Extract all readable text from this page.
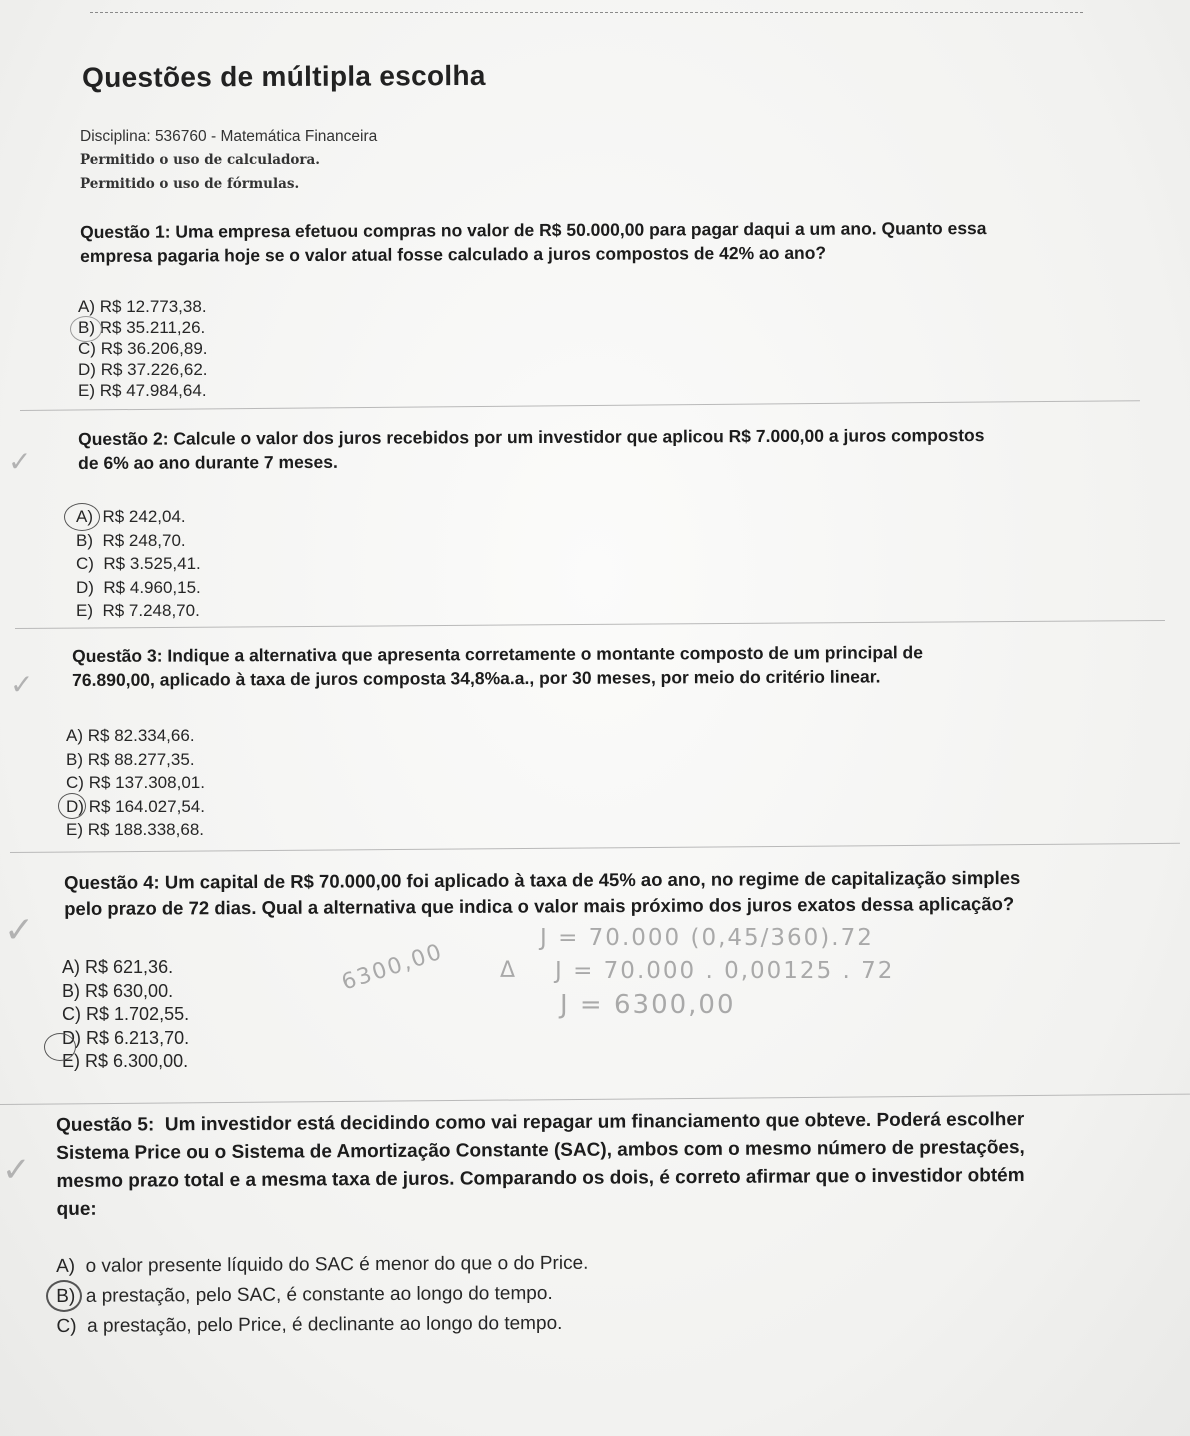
Questões de múltipla escolha
Disciplina: 536760 - Matemática Financeira
Permitido o uso de calculadora.
Permitido o uso de fórmulas.
Questão 1: Uma empresa efetuou compras no valor de R$ 50.000,00 para pagar daqui a um ano. Quanto essa
empresa pagaria hoje se o valor atual fosse calculado a juros compostos de 42% ao ano?
A) R$ 12.773,38.
B) R$ 35.211,26.
C) R$ 36.206,89.
D) R$ 37.226,62.
E) R$ 47.984,64.
Questão 2: Calcule o valor dos juros recebidos por um investidor que aplicou R$ 7.000,00 a juros compostos
de 6% ao ano durante 7 meses.
✓
A) R$ 242,04.
B) R$ 248,70.
C) R$ 3.525,41.
D) R$ 4.960,15.
E) R$ 7.248,70.
Questão 3: Indique a alternativa que apresenta corretamente o montante composto de um principal de
76.890,00, aplicado à taxa de juros composta 34,8%a.a., por 30 meses, por meio do critério linear.
✓
A) R$ 82.334,66.
B) R$ 88.277,35.
C) R$ 137.308,01.
D) R$ 164.027,54.
E) R$ 188.338,68.
Questão 4: Um capital de R$ 70.000,00 foi aplicado à taxa de 45% ao ano, no regime de capitalização simples
pelo prazo de 72 dias. Qual a alternativa que indica o valor mais próximo dos juros exatos dessa aplicação?
✓
A) R$ 621,36.
B) R$ 630,00.
C) R$ 1.702,55.
D) R$ 6.213,70.
E) R$ 6.300,00.
J = 70.000 (0,45/360).72
J = 70.000 . 0,00125 . 72
J = 6300,00
6300,00 Δ
Questão 5: Um investidor está decidindo como vai repagar um financiamento que obteve. Poderá escolher
Sistema Price ou o Sistema de Amortização Constante (SAC), ambos com o mesmo número de prestações,
mesmo prazo total e a mesma taxa de juros. Comparando os dois, é correto afirmar que o investidor obtém
que:
✓
A) o valor presente líquido do SAC é menor do que o do Price.
B) a prestação, pelo SAC, é constante ao longo do tempo.
C) a prestação, pelo Price, é declinante ao longo do tempo.
